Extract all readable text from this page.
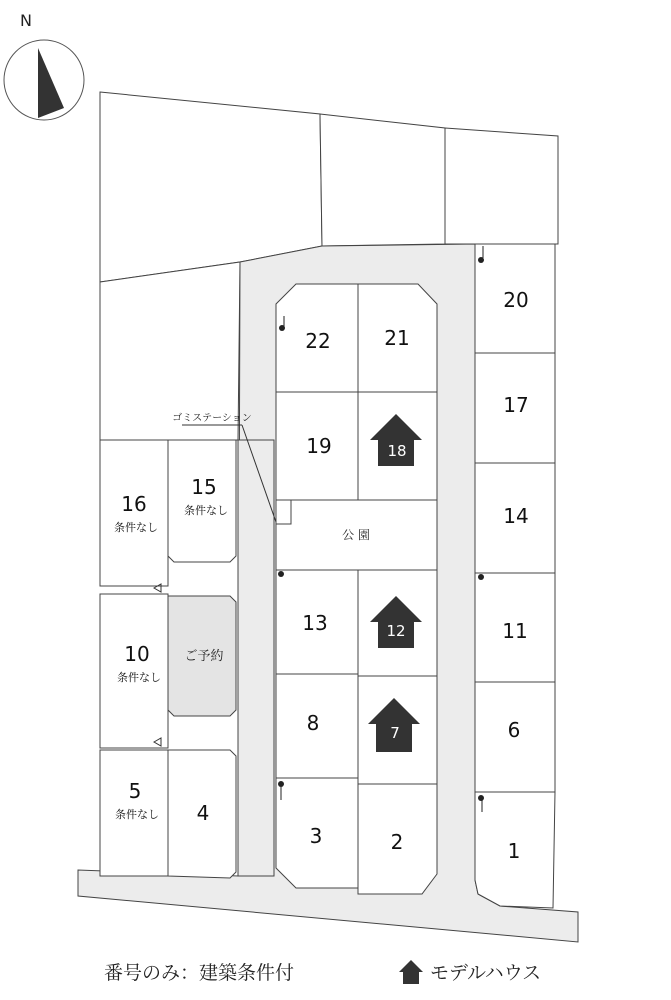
N
ゴミステーション
公 園
ご予約
1
2
3
4
5
条件なし
6
7
8
10
条件なし
11
12
13
14
15
条件なし
16
条件なし
17
18
19
20
21
22
番号のみ：建築条件付	モデルハウス
